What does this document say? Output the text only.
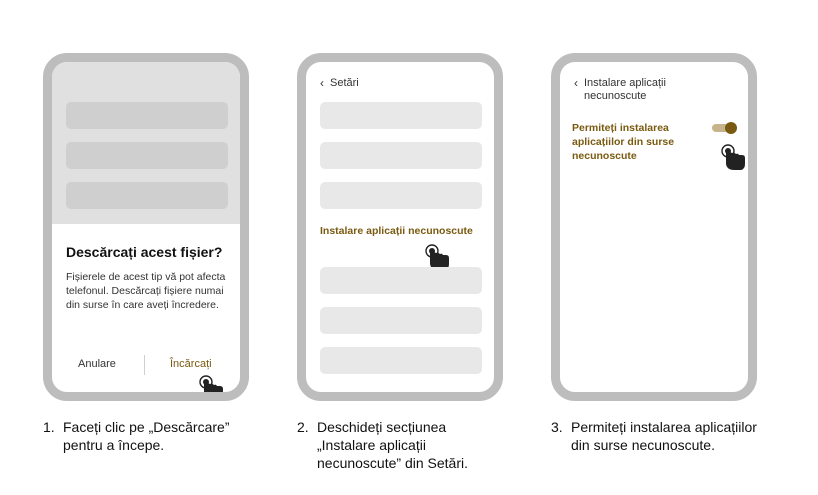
Descărcați acest fișier?
Fișierele de acest tip vă pot afecta telefonul. Descărcați fișiere numai din surse în care aveți încredere.
Anulare	Încărcați
‹ Setări
Instalare aplicații necunoscute
‹ Instalare aplicații necunoscute
Permiteți instalarea aplicațiilor din surse necunoscute
1. Faceți clic pe „Descărcare” pentru a începe.
2. Deschideți secțiunea „Instalare aplicații necunoscute” din Setări.
3. Permiteți instalarea aplicațiilor din surse necunoscute.
